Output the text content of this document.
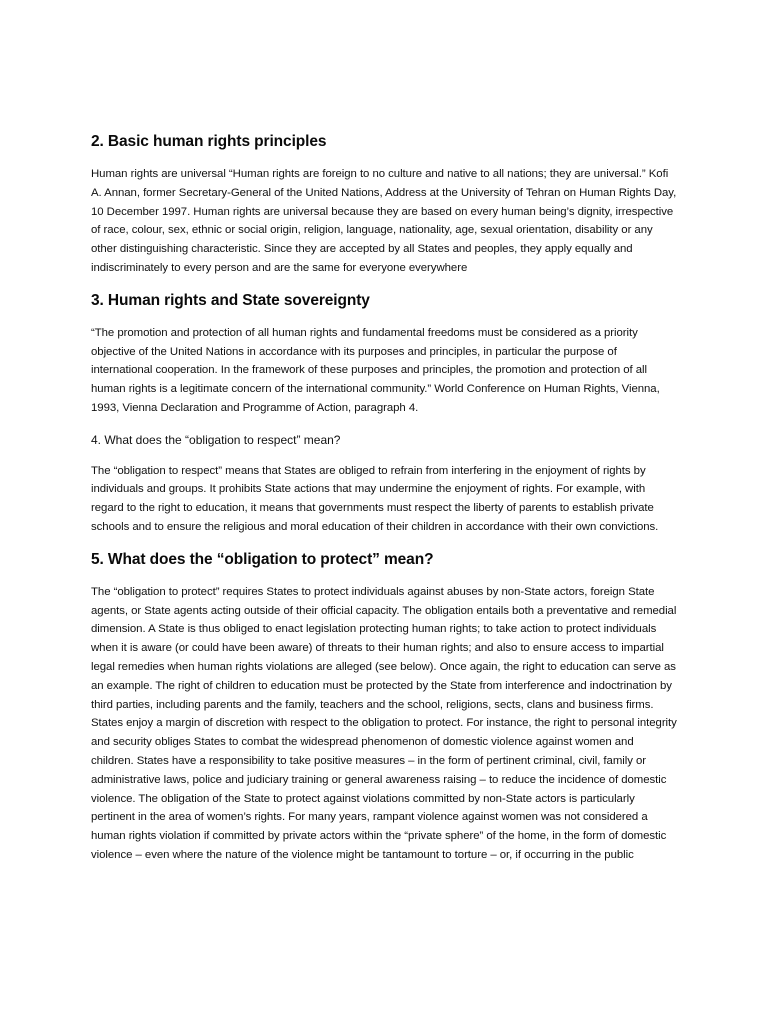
2. Basic human rights principles

Human rights are universal “Human rights are foreign to no culture and native to all nations; they are universal.” Kofi A. Annan, former Secretary-General of the United Nations, Address at the University of Tehran on Human Rights Day, 10 December 1997. Human rights are universal because they are based on every human being’s dignity, irrespective of race, colour, sex, ethnic or social origin, religion, language, nationality, age, sexual orientation, disability or any other distinguishing characteristic. Since they are accepted by all States and peoples, they apply equally and indiscriminately to every person and are the same for everyone everywhere

3. Human rights and State sovereignty

“The promotion and protection of all human rights and fundamental freedoms must be considered as a priority objective of the United Nations in accordance with its purposes and principles, in particular the purpose of international cooperation. In the framework of these purposes and principles, the promotion and protection of all human rights is a legitimate concern of the international community.” World Conference on Human Rights, Vienna, 1993, Vienna Declaration and Programme of Action, paragraph 4.

4. What does the “obligation to respect” mean?

The “obligation to respect” means that States are obliged to refrain from interfering in the enjoyment of rights by individuals and groups. It prohibits State actions that may undermine the enjoyment of rights. For example, with regard to the right to education, it means that governments must respect the liberty of parents to establish private schools and to ensure the religious and moral education of their children in accordance with their own convictions.

5. What does the “obligation to protect” mean?

The “obligation to protect” requires States to protect individuals against abuses by non-State actors, foreign State agents, or State agents acting outside of their official capacity. The obligation entails both a preventative and remedial dimension. A State is thus obliged to enact legislation protecting human rights; to take action to protect individuals when it is aware (or could have been aware) of threats to their human rights; and also to ensure access to impartial legal remedies when human rights violations are alleged (see below). Once again, the right to education can serve as an example. The right of children to education must be protected by the State from interference and indoctrination by third parties, including parents and the family, teachers and the school, religions, sects, clans and business firms. States enjoy a margin of discretion with respect to the obligation to protect. For instance, the right to personal integrity and security obliges States to combat the widespread phenomenon of domestic violence against women and children. States have a responsibility to take positive measures – in the form of pertinent criminal, civil, family or administrative laws, police and judiciary training or general awareness raising – to reduce the incidence of domestic violence. The obligation of the State to protect against violations committed by non-State actors is particularly pertinent in the area of women’s rights. For many years, rampant violence against women was not considered a human rights violation if committed by private actors within the “private sphere” of the home, in the form of domestic violence – even where the nature of the violence might be tantamount to torture – or, if occurring in the public
